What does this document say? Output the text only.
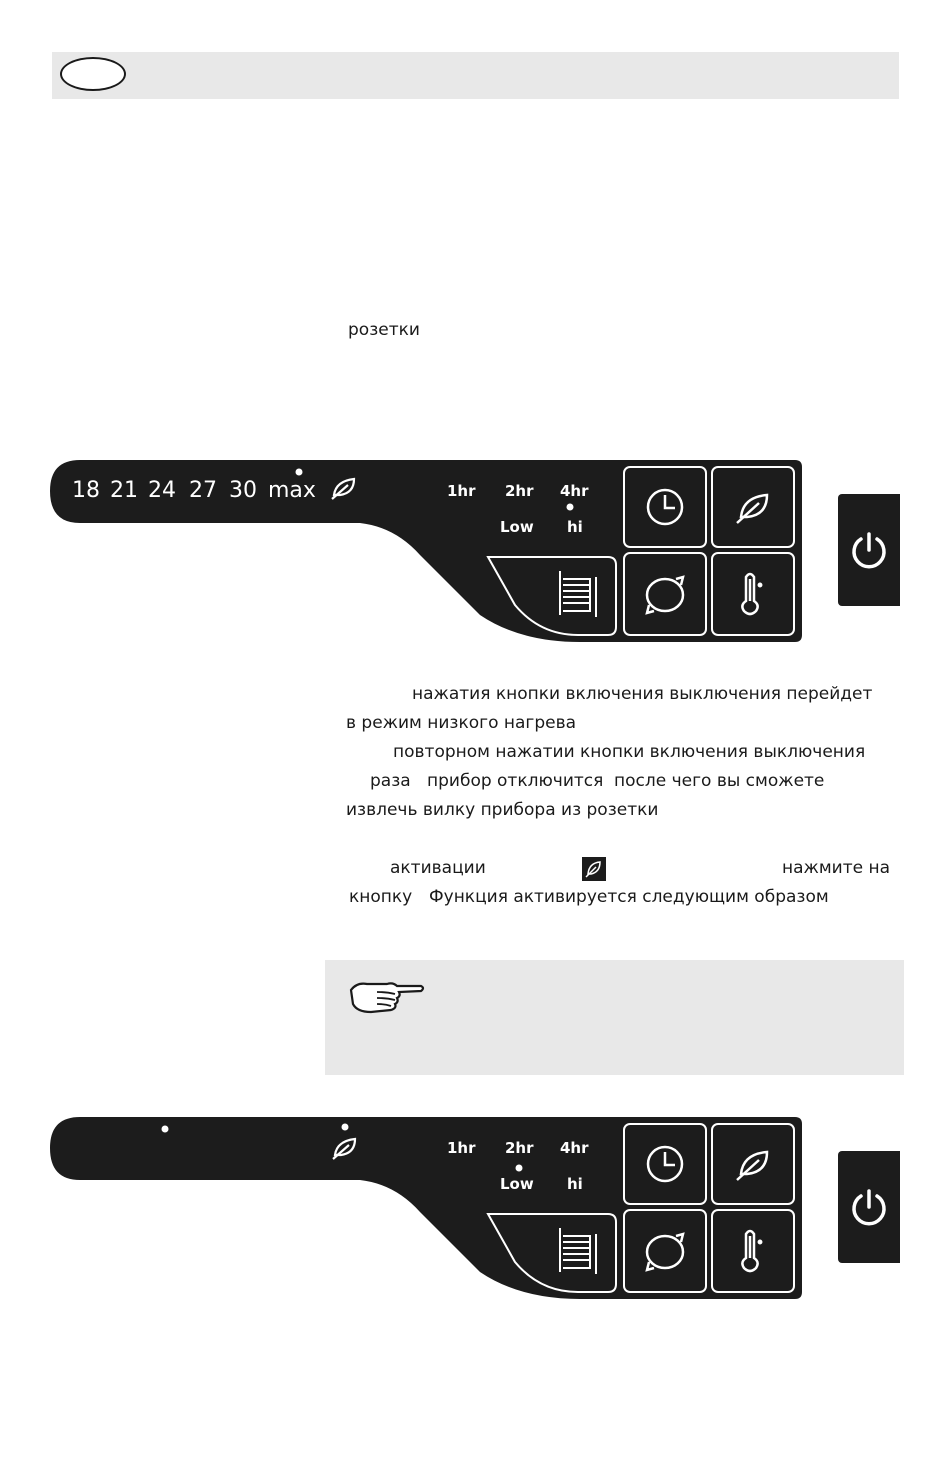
розетки
18 21 24 27 30 max	1hr 2hr 4hr
Low hi
нажатия кнопки включения выключения перейдет
в режим низкого нагрева
повторном нажатии кнопки включения выключения
раза прибор отключится после чего вы сможете
извлечь вилку прибора из розетки
активации	нажмите на
кнопку Функция активируется следующим образом
1hr 2hr 4hr
Low hi
